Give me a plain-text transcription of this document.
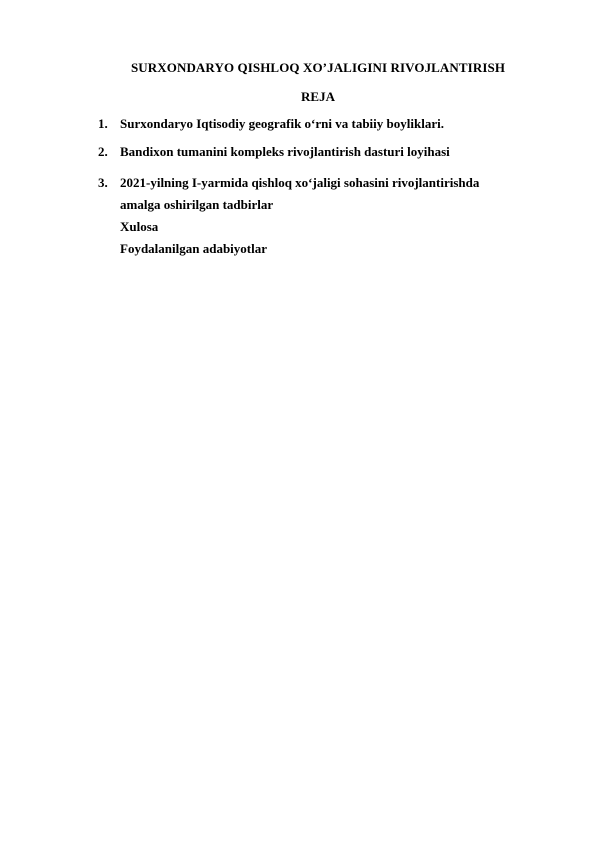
SURXONDARYO QISHLOQ XO’JALIGINI RIVOJLANTIRISH
REJA
1. Surxondaryo Iqtisodiy geografik o‘rni va tabiiy boyliklari.
2. Bandixon tumanini kompleks rivojlantirish dasturi loyihasi
3. 2021-yilning I-yarmida qishloq xo‘jaligi sohasini rivojlantirishda
amalga oshirilgan tadbirlar
Xulosa
Foydalanilgan adabiyotlar
